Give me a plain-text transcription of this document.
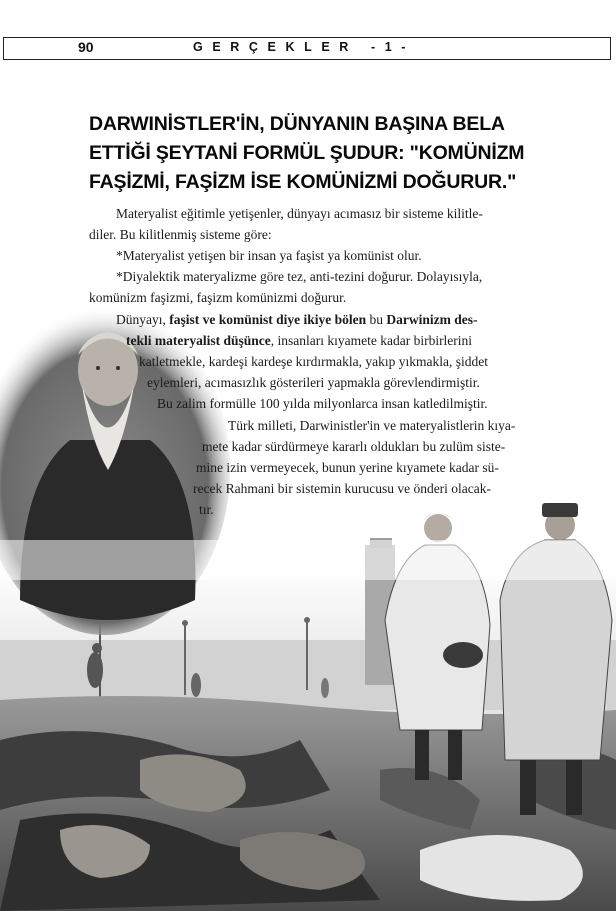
90	GERÇEKLER -1-
DARWINİSTLER'İN, DÜNYANIN BAŞINA BELA
ETTİĞİ ŞEYTANİ FORMÜL ŞUDUR: "KOMÜNİZM
FAŞİZMİ, FAŞİZM İSE KOMÜNİZMİ DOĞURUR."
Materyalist eğitimle yetişenler, dünyayı acımasız bir sisteme kilitle-
diler. Bu kilitlenmiş sisteme göre:
*Materyalist yetişen bir insan ya faşist ya komünist olur.
*Diyalektik materyalizme göre tez, anti-tezini doğurur. Dolayısıyla,
komünizm faşizmi, faşizm komünizmi doğurur.
Dünyayı, faşist ve komünist diye ikiye bölen bu Darwinizm des-
tekli materyalist düşünce, insanları kıyamete kadar birbirlerini
katletmekle, kardeşi kardeşe kırdırmakla, yakıp yıkmakla, şiddet
eylemleri, acımasızlık gösterileri yapmakla görevlendirmiştir.
Bu zalim formülle 100 yılda milyonlarca insan katledilmiştir.
Türk milleti, Darwinistler'in ve materyalistlerin kıya-
mete kadar sürdürmeye kararlı oldukları bu zulüm siste-
mine izin vermeyecek, bunun yerine kıyamete kadar sü-
recek Rahmani bir sistemin kurucusu ve önderi olacak-
tır.
